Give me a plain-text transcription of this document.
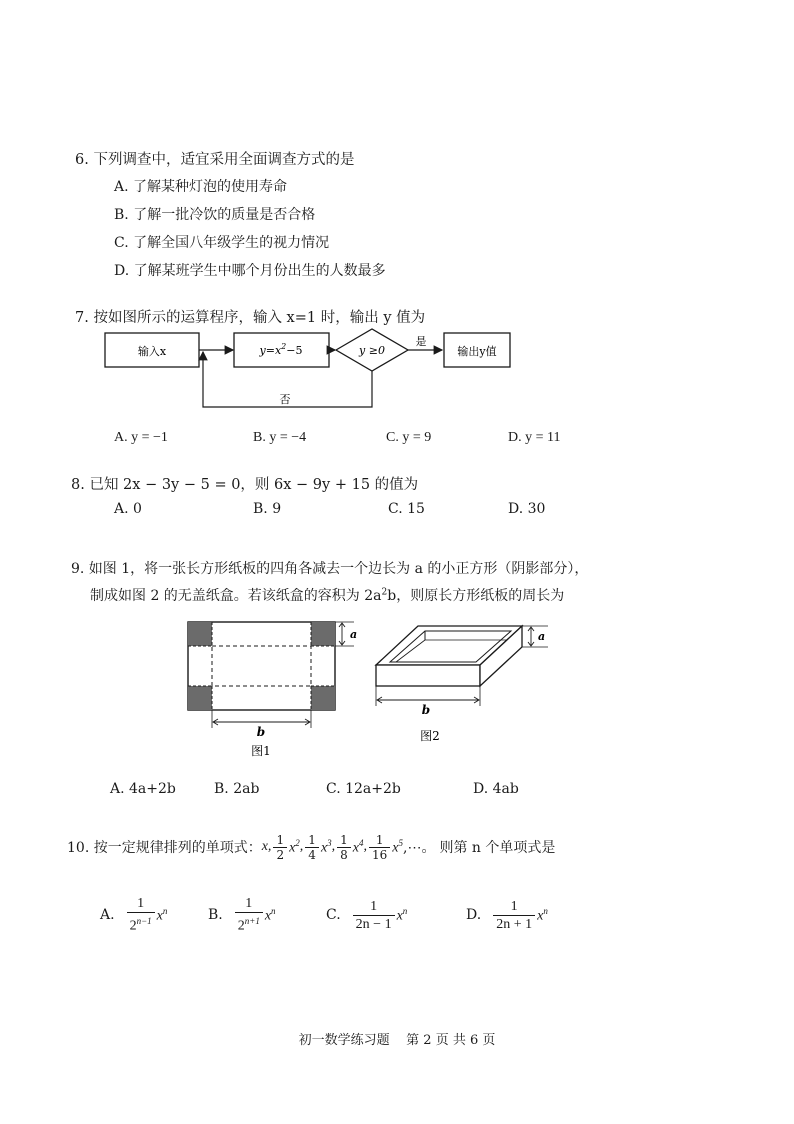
6. 下列调查中，适宜采用全面调查方式的是
A. 了解某种灯泡的使用寿命
B. 了解一批冷饮的质量是否合格
C. 了解全国八年级学生的视力情况
D. 了解某班学生中哪个月份出生的人数最多
7. 按如图所示的运算程序，输入 x=1 时，输出 y 值为
输入x	$y=x^2-5$	y ≥0
是
输出y值
否
A. y = −1	B. y = −4	C. y = 9	D. y = 11
8. 已知 2x − 3y − 5 = 0，则 6x − 9y + 15 的值为
A. 0	B. 9	C. 15	D. 30
9. 如图 1，将一张长方形纸板的四角各减去一个边长为 a 的小正方形（阴影部分），
制成如图 2 的无盖纸盒。若该纸盒的容积为 $2a^2b$，则原长方形纸板的周长为
a
b
图1
a
b
图2
A. 4a+2b	B. 2ab	C. 12a+2b	D. 4ab
10. 按一定规律排列的单项式： x, $\frac{1}{2} x^2$ , $\frac{1}{4} x^3$ , $\frac{1}{8} x^4$ , $\frac{1}{16} x^5$ ,⋯。 则第 n 个单项式是
A. $\frac{1}{2^{n-1}} x^n$	B. $\frac{1}{2^{n+1}} x^n$	C. $\frac{1}{2n - 1} x^n$	D. $\frac{1}{2n + 1} x^n$
初一数学练习题    第 2 页 共 6 页
